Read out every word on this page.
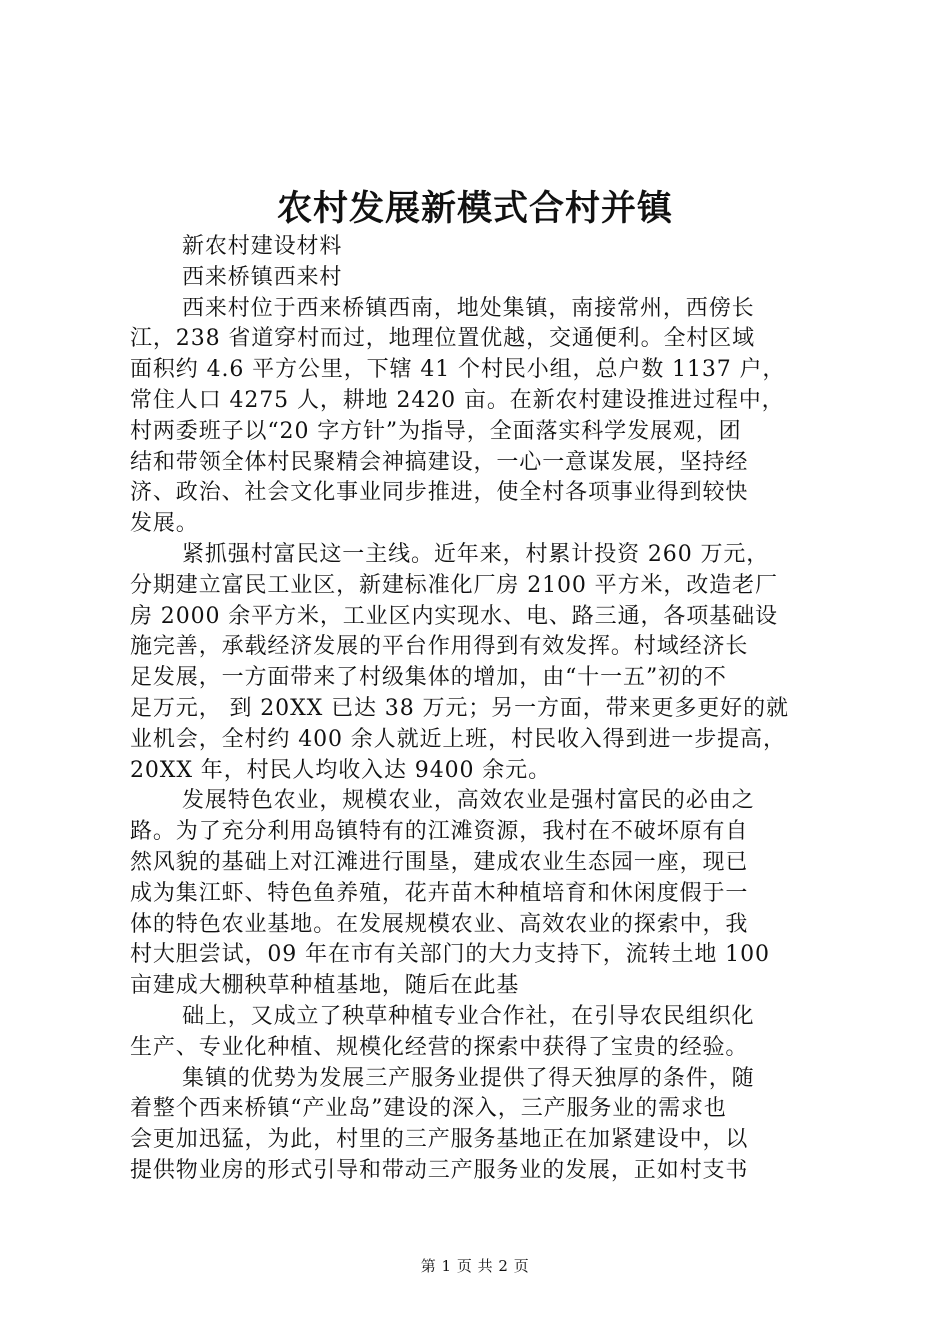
农村发展新模式合村并镇

新农村建设材料

西来桥镇西来村

西来村位于西来桥镇西南，地处集镇，南接常州，西傍长

江，238 省道穿村而过，地理位置优越，交通便利。全村区域

面积约 4.6 平方公里，下辖 41 个村民小组，总户数 1137 户，

常住人口 4275 人，耕地 2420 亩。在新农村建设推进过程中，

村两委班子以“20 字方针”为指导，全面落实科学发展观，团

结和带领全体村民聚精会神搞建设，一心一意谋发展，坚持经

济、政治、社会文化事业同步推进，使全村各项事业得到较快

发展。

紧抓强村富民这一主线。近年来，村累计投资 260 万元，

分期建立富民工业区，新建标准化厂房 2100 平方米，改造老厂

房 2000 余平方米，工业区内实现水、电、路三通，各项基础设

施完善，承载经济发展的平台作用得到有效发挥。村域经济长

足发展，一方面带来了村级集体的增加，由“十一五”初的不

足万元， 到 20XX 已达 38 万元；另一方面，带来更多更好的就

业机会，全村约 400 余人就近上班，村民收入得到进一步提高，

20XX 年，村民人均收入达 9400 余元。

发展特色农业，规模农业，高效农业是强村富民的必由之

路。为了充分利用岛镇特有的江滩资源，我村在不破坏原有自

然风貌的基础上对江滩进行围垦，建成农业生态园一座，现已

成为集江虾、特色鱼养殖，花卉苗木种植培育和休闲度假于一

体的特色农业基地。在发展规模农业、高效农业的探索中，我

村大胆尝试，09 年在市有关部门的大力支持下，流转土地 100

亩建成大棚秧草种植基地，随后在此基

础上，又成立了秧草种植专业合作社，在引导农民组织化

生产、专业化种植、规模化经营的探索中获得了宝贵的经验。

集镇的优势为发展三产服务业提供了得天独厚的条件，随

着整个西来桥镇“产业岛”建设的深入，三产服务业的需求也

会更加迅猛，为此，村里的三产服务基地正在加紧建设中，以

提供物业房的形式引导和带动三产服务业的发展，正如村支书

第 1 页 共 2 页
